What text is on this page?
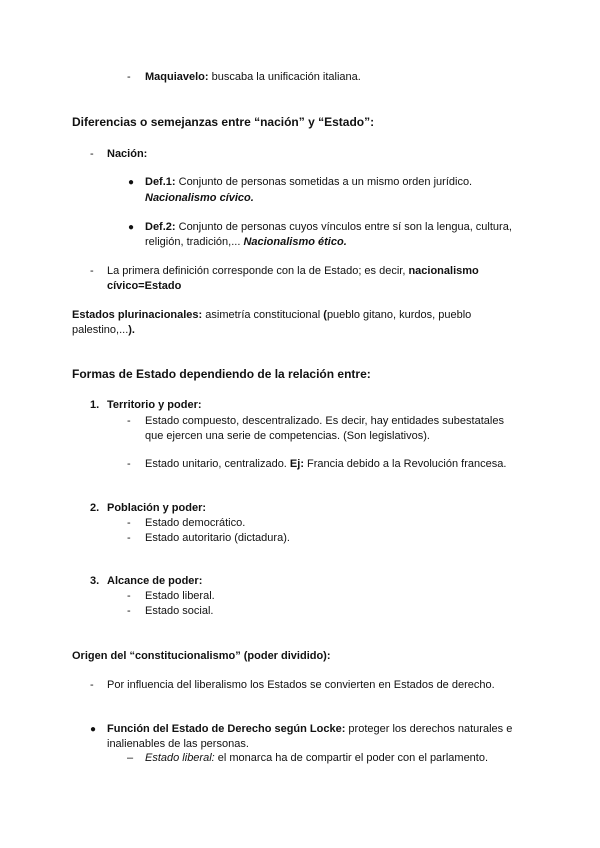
- Maquiavelo: buscaba la unificación italiana.
Diferencias o semejanzas entre “nación” y “Estado”:
- Nación:
● Def.1: Conjunto de personas sometidas a un mismo orden jurídico.
Nacionalismo cívico.
● Def.2: Conjunto de personas cuyos vínculos entre sí son la lengua, cultura,
religión, tradición,... Nacionalismo ético.
- La primera definición corresponde con la de Estado; es decir, nacionalismo
cívico=Estado
Estados plurinacionales: asimetría constitucional (pueblo gitano, kurdos, pueblo
palestino,...).
Formas de Estado dependiendo de la relación entre:
1. Territorio y poder:
- Estado compuesto, descentralizado. Es decir, hay entidades subestatales
que ejercen una serie de competencias. (Son legislativos).
- Estado unitario, centralizado. Ej: Francia debido a la Revolución francesa.
2. Población y poder:
- Estado democrático.
- Estado autoritario (dictadura).
3. Alcance de poder:
- Estado liberal.
- Estado social.
Origen del “constitucionalismo” (poder dividido):
- Por influencia del liberalismo los Estados se convierten en Estados de derecho.
● Función del Estado de Derecho según Locke: proteger los derechos naturales e
inalienables de las personas.
– Estado liberal: el monarca ha de compartir el poder con el parlamento.
